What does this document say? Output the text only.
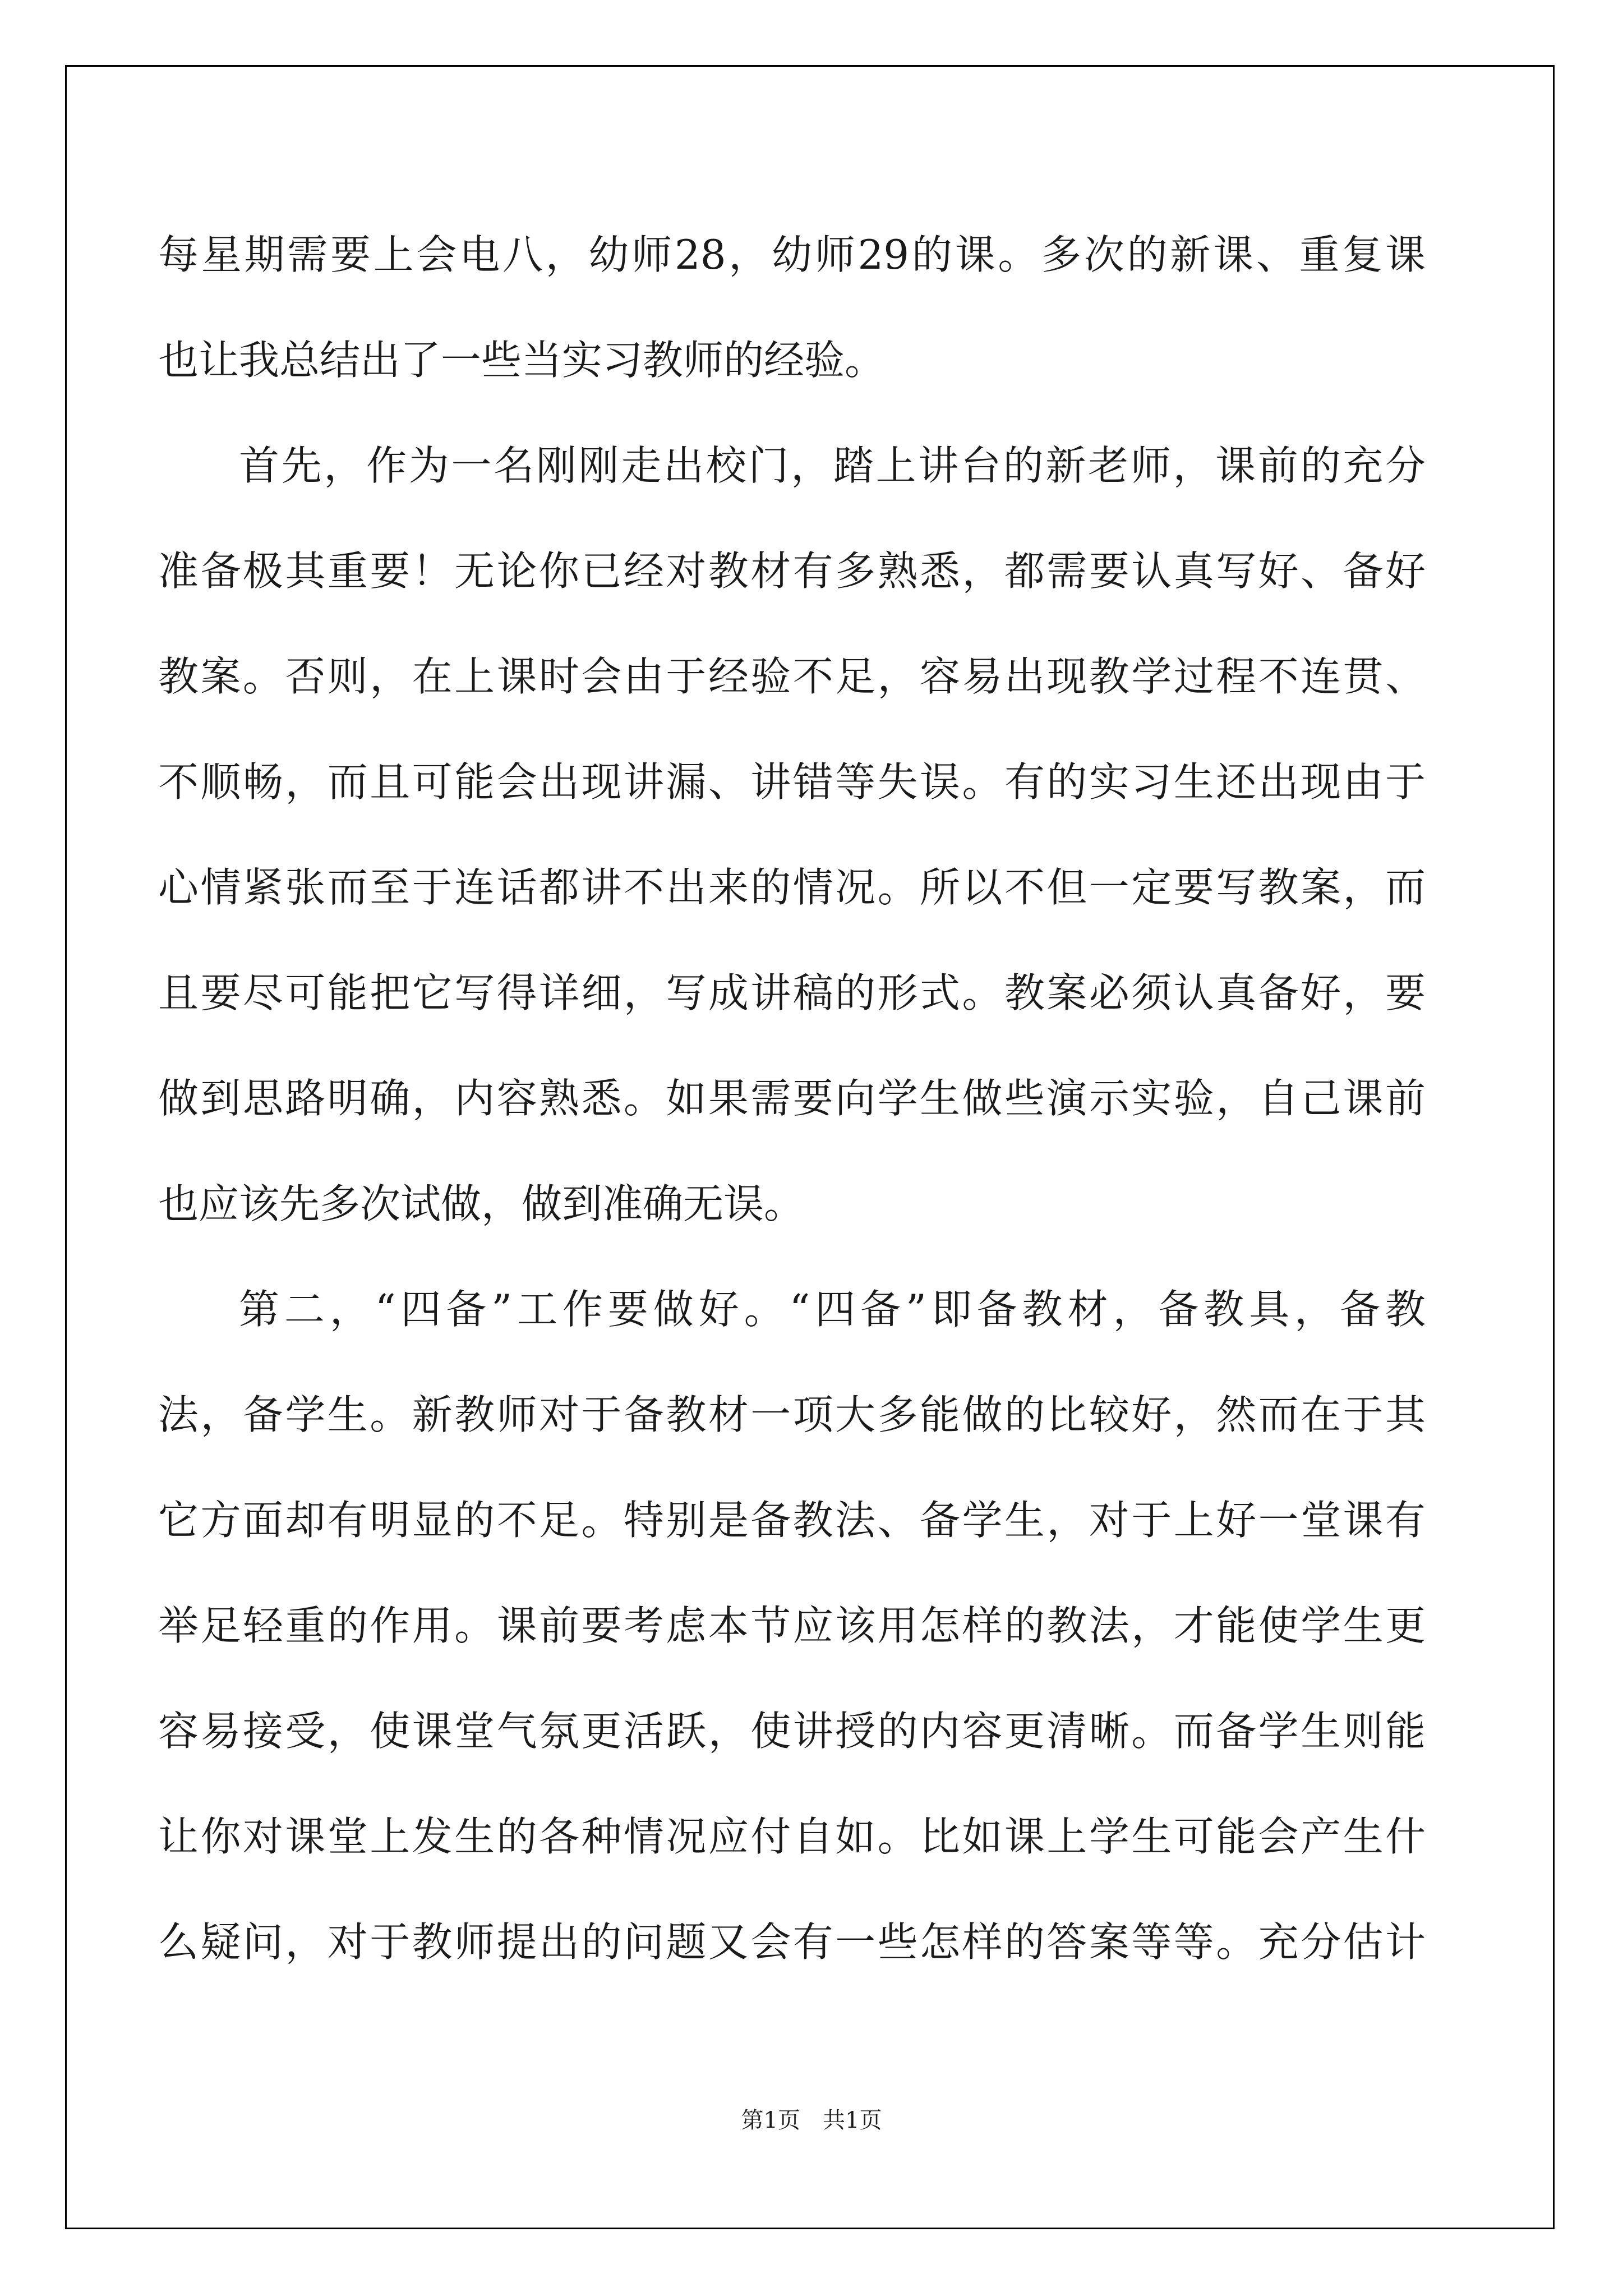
每星期需要上会电八，幼师28，幼师29的课。多次的新课、重复课
也让我总结出了一些当实习教师的经验。
首先，作为一名刚刚走出校门，踏上讲台的新老师，课前的充分
准备极其重要！无论你已经对教材有多熟悉，都需要认真写好、备好
教案。否则，在上课时会由于经验不足，容易出现教学过程不连贯、
不顺畅，而且可能会出现讲漏、讲错等失误。有的实习生还出现由于
心情紧张而至于连话都讲不出来的情况。所以不但一定要写教案，而
且要尽可能把它写得详细，写成讲稿的形式。教案必须认真备好，要
做到思路明确，内容熟悉。如果需要向学生做些演示实验，自己课前
也应该先多次试做，做到准确无误。
第二，“四备”工作要做好。“四备”即备教材，备教具，备教
法，备学生。新教师对于备教材一项大多能做的比较好，然而在于其
它方面却有明显的不足。特别是备教法、备学生，对于上好一堂课有
举足轻重的作用。课前要考虑本节应该用怎样的教法，才能使学生更
容易接受，使课堂气氛更活跃，使讲授的内容更清晰。而备学生则能
让你对课堂上发生的各种情况应付自如。比如课上学生可能会产生什
么疑问，对于教师提出的问题又会有一些怎样的答案等等。充分估计
第1页　共1页
